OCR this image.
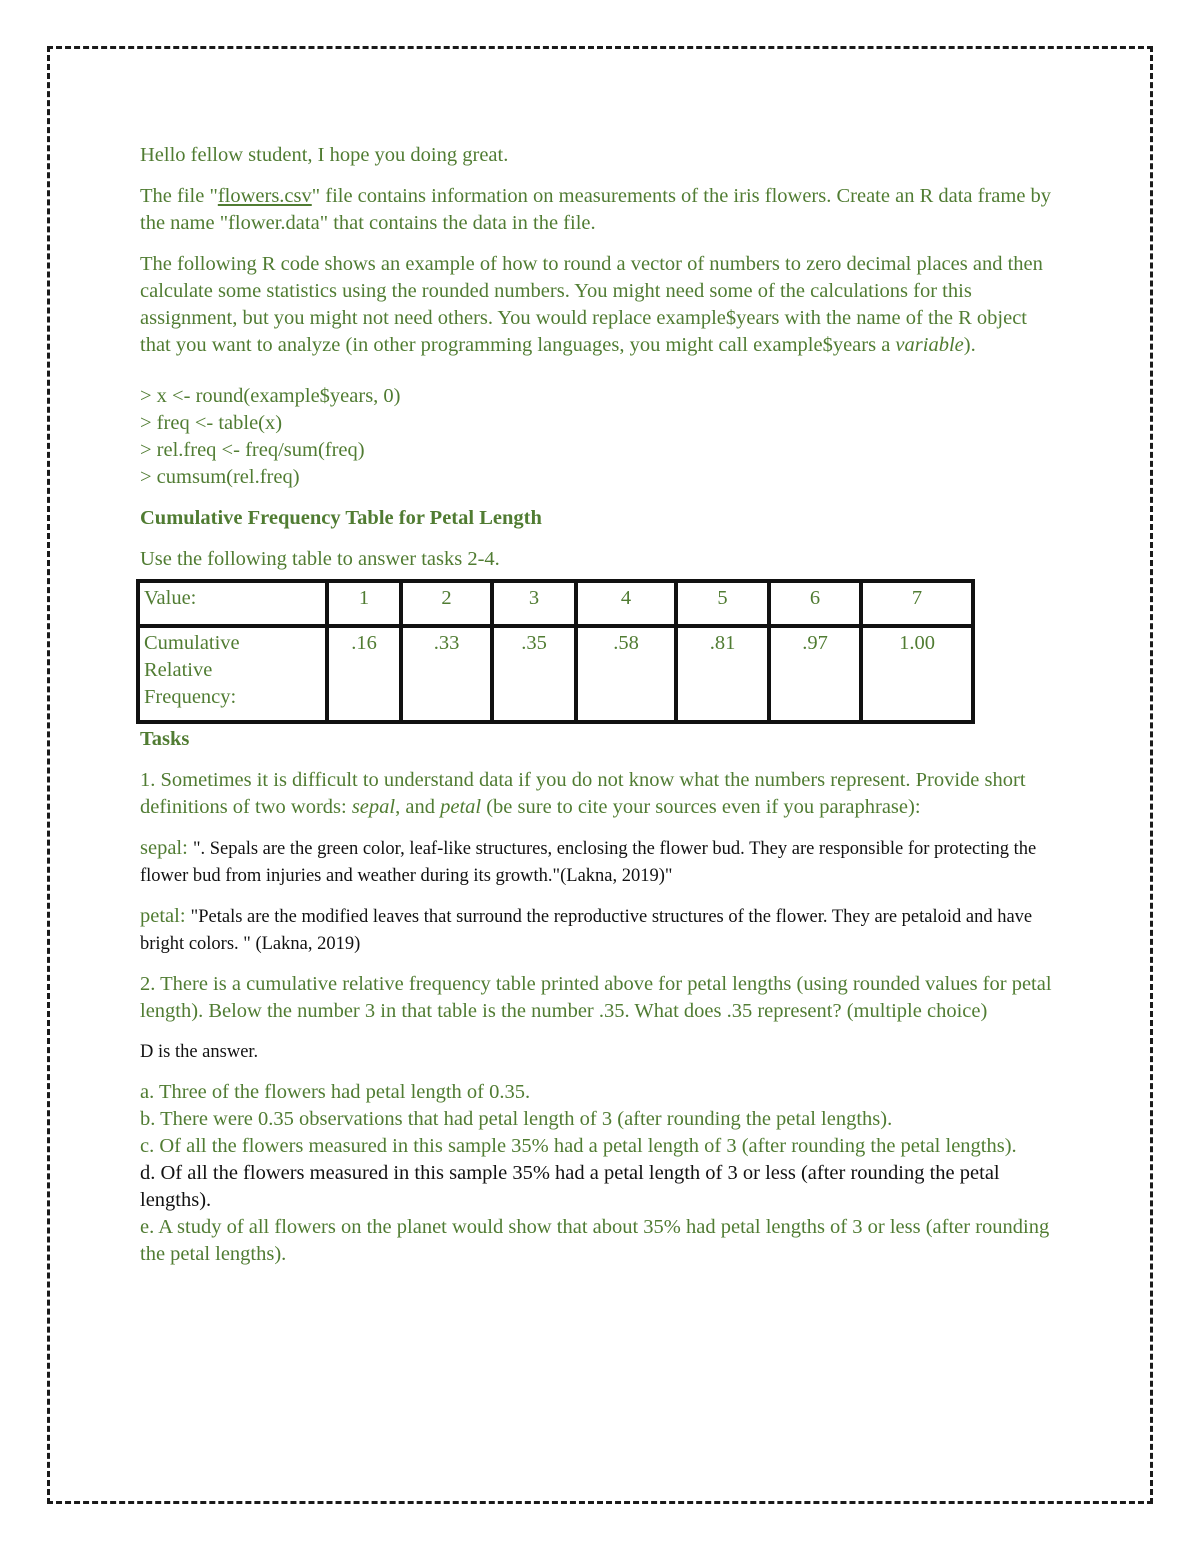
Hello fellow student, I hope you doing great.

The file "flowers.csv" file contains information on measurements of the iris flowers. Create an R data frame by the name "flower.data" that contains the data in the file.

The following R code shows an example of how to round a vector of numbers to zero decimal places and then calculate some statistics using the rounded numbers. You might need some of the calculations for this assignment, but you might not need others. You would replace example$years with the name of the R object that you want to analyze (in other programming languages, you might call example$years a variable).

> x <- round(example$years, 0)

> freq <- table(x)

> rel.freq <- freq/sum(freq)

> cumsum(rel.freq)

Cumulative Frequency Table for Petal Length

Use the following table to answer tasks 2-4.

Value:	1	2	3	4	5	6	7

Cumulative
Relative
Frequency:	.16	.33	.35	.58	.81	.97	1.00

Tasks

1. Sometimes it is difficult to understand data if you do not know what the numbers represent. Provide short definitions of two words: sepal, and petal (be sure to cite your sources even if you paraphrase):

sepal: ". Sepals are the green color, leaf-like structures, enclosing the flower bud. They are responsible for protecting the flower bud from injuries and weather during its growth."(Lakna, 2019)"

petal: "Petals are the modified leaves that surround the reproductive structures of the flower. They are petaloid and have bright colors. " (Lakna, 2019)

2. There is a cumulative relative frequency table printed above for petal lengths (using rounded values for petal length). Below the number 3 in that table is the number .35. What does .35 represent? (multiple choice)

D is the answer.

a. Three of the flowers had petal length of 0.35.

b. There were 0.35 observations that had petal length of 3 (after rounding the petal lengths).

c. Of all the flowers measured in this sample 35% had a petal length of 3 (after rounding the petal lengths).

d. Of all the flowers measured in this sample 35% had a petal length of 3 or less (after rounding the petal lengths).

e. A study of all flowers on the planet would show that about 35% had petal lengths of 3 or less (after rounding the petal lengths).
